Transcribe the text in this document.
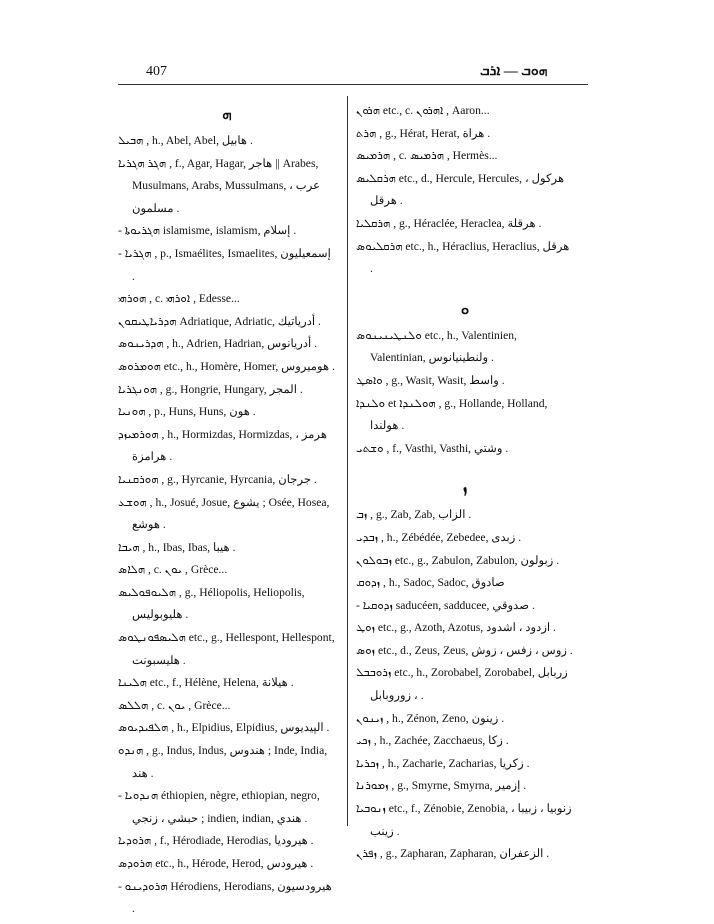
407	ܗܘܒ — ܐܪܒ
ܗ

ܗܒܝܠ , h., Abel, Abel, هابيل .

ܗܓܪ ܗܓܪܝܐ , f., Agar, Hagar, هاجر || Arabes, Musulmans, Arabs, Mussulmans, عرب ، مسلمون .

- ܗܓܪܝܘܬܐ islamisme, islamism, إسلام .

- ܗܓܪܝܐ , p., Ismaélites, Ismaelites, إسمعيليون .

ܗܘܪܗܝ , c. ܐܘܪܗܝ , Edesse...

ܗܕܪܝܐܛܝܩܘܢ Adriatique, Adriatic, أدرياتيك .

ܗܕܪܝܢܘܣ , h., Adrien, Hadrian, أدريانوس .

ܗܘܡܪܘܣ etc., h., Homère, Homer, هوميروس .

ܗܘܢܓܪܝܐ , g., Hongrie, Hungary, المجر .

ܗܘܢܝܐ , p., Huns, Huns, هون .

ܗܘܪܡܝܙܕ , h., Hormizdas, Hormizdas, هرمز ، هرامزة .

ܗܘܪܩܢܝܐ , g., Hyrcanie, Hyrcania, جرجان .

ܗܘܫܥ , h., Josué, Josue, يشوع ; Osée, Hosea, هوشع .

ܗܝܒܐ , h., Ibas, Ibas, هيبا .

ܗܠܐܣ , c. ܝܘܢ , Grèce...

ܗܠܝܘܦܘܠܝܣ , g., Héliopolis, Heliopolis, هليوبوليس .

ܗܠܝܣܦܘܢܛܘܣ etc., g., Hellespont, Hellespont, هليسبونت .

ܗܠܝܢܐ etc., f., Hélène, Helena, هيلانة .

ܗܠܠܣ , c. ܝܘܢ , Grèce...

ܗܠܦܝܕܝܘܣ , h., Elpidius, Elpidius, الپيديوس .

ܗܢܕܘ , g., Indus, Indus, هندوس ; Inde, India, هند .

- ܗܢܕܘܝܐ éthiopien, nègre, ethiopian, negro, حبشي ، زنجي ; indien, indian, هندي .

ܗܪܘܕܝܐ , f., Hérodiade, Herodias, هيروديا .

ܗܪܘܕܣ etc., h., Hérode, Herod, هيرودس .

- ܗܪܘܕܝܢܘ Hérodiens, Herodians, هيرودسيون .

ܗܪܘܢ etc., c. ܐܗܪܘܢ , Aaron...

ܗܪܬ , g., Hérat, Herat, هراة .

ܗܪܡܝܣ , c. ܗܪܡܝܣ , Hermès...

ܗܪܩܠܝܣ etc., d., Hercule, Hercules, هركول ، هرقل .

ܗܪܩܠܝܐ , g., Héraclée, Heraclea, هرقلة .

ܗܪܩܠܝܘܣ etc., h., Héraclius, Heraclius, هرقل .

ܘ

ܘܠܢܛܝܢܝܢܘܣ etc., h., Valentinien, Valentinian, ولنطينيانوس .

ܘܐܣܛ , g., Wasit, Wasit, واسط .

ܘܠܢܕܐ et ܗܘܠܢܕܐ , g., Hollande, Holland, هولندا .

ܘܫܬܝ , f., Vasthi, Vasthi, وشتي .

ܙ

ܙܒ , g., Zab, Zab, الزاب .

ܙܒܕܝ , h., Zébédée, Zebedee, زبدى .

ܙܒܘܠܘܢ etc., g., Zabulon, Zabulon, زبولون .

ܙܕܘܩ , h., Sadoc, Sadoc, صادوق

- ܙܕܘܩܝܐ saducéen, sadducee, صدوقي .

ܙܘܛ etc., g., Azoth, Azotus, ازدود ، اشدود .

ܙܘܣ etc., d., Zeus, Zeus, زوس ، زفس ، زوش .

ܙܪܘܒܒܠ etc., h., Zorobabel, Zorobabel, زربابل ، زوروبابل .

ܙܝܢܘܢ , h., Zénon, Zeno, زينون .

ܙܟܝ , h., Zachée, Zacchaeus, زكا .

ܙܟܪܝܐ , h., Zacharie, Zacharias, زكريا .

ܙܡܘܪܢܐ , g., Smyrne, Smyrna, إزمير .

ܙܢܘܒܝܐ etc., f., Zénobie, Zenobia, زنوبيا ، زبيبا ، زينب .

ܙܦܪܢ , g., Zapharan, Zapharan, الزعفران .
